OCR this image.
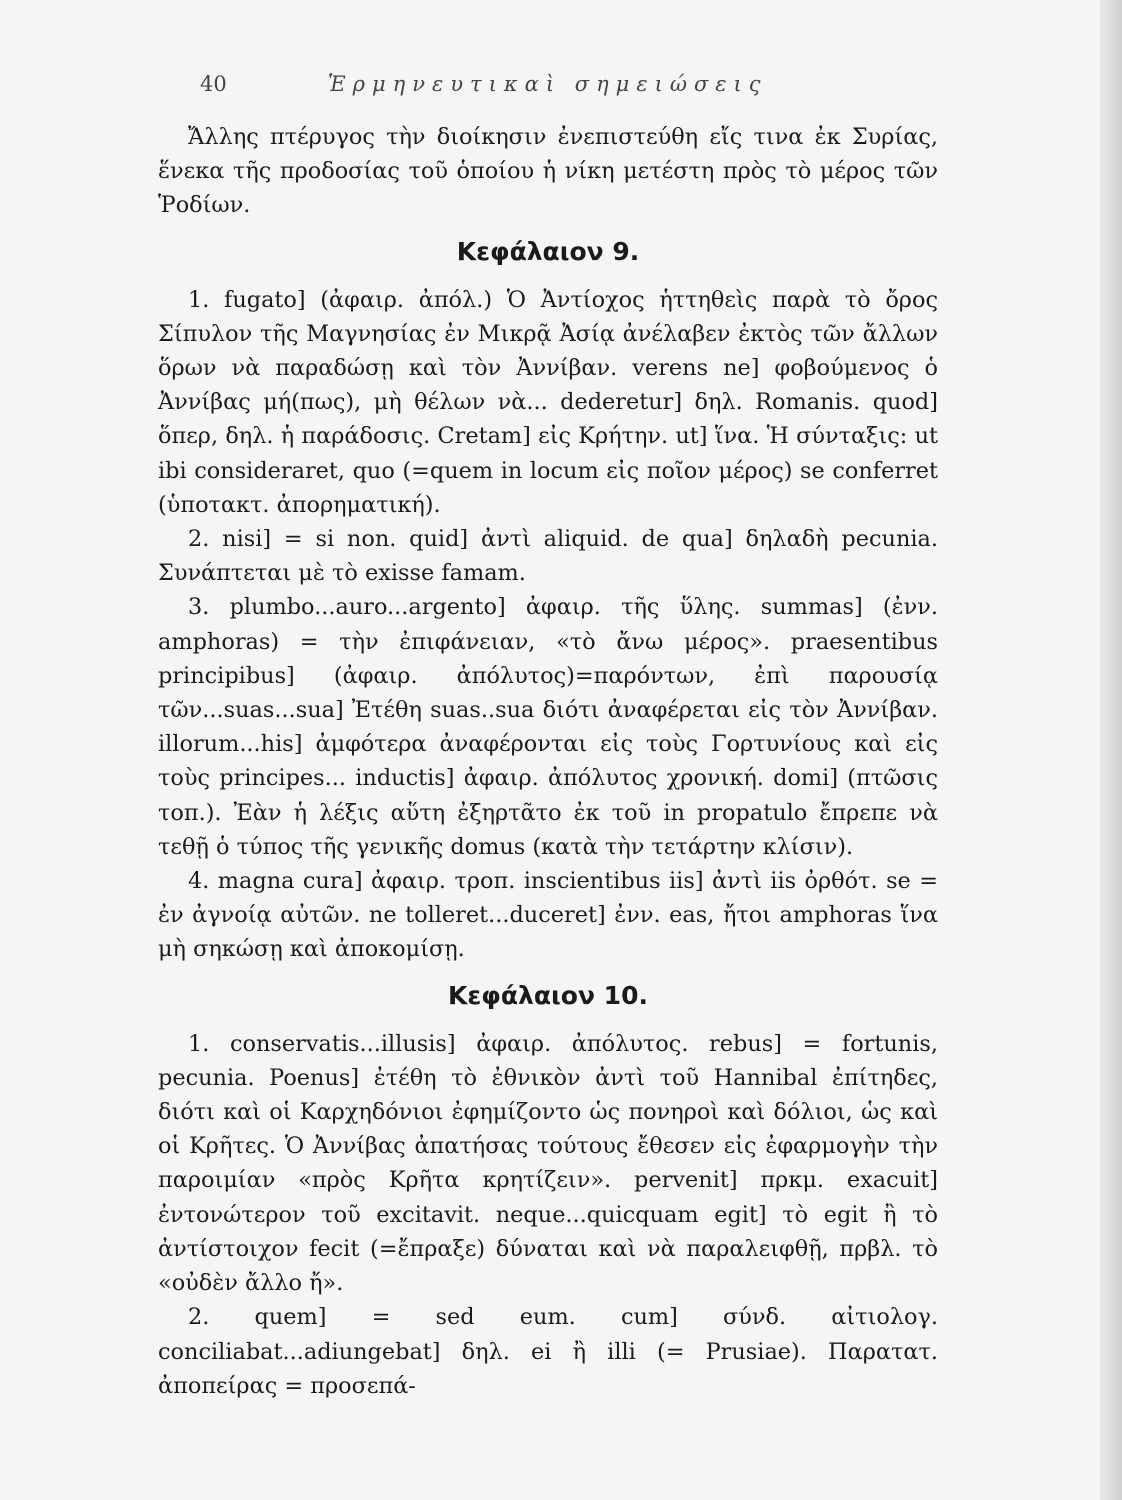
40	Ἑρμηνευτικαὶ σημειώσεις

Ἄλλης πτέρυγος τὴν διοίκησιν ἐνεπιστεύθη εἴς τινα ἐκ Συρίας, ἕνεκα τῆς προδοσίας τοῦ ὁποίου ἡ νίκη μετέστη πρὸς τὸ μέρος τῶν Ῥοδίων.

Κεφάλαιον 9.

1. fugato] (ἀφαιρ. ἀπόλ.) Ὁ Ἀντίοχος ἡττηθεὶς παρὰ τὸ ὄρος Σίπυλον τῆς Μαγνησίας ἐν Μικρᾷ Ἀσίᾳ ἀνέλαβεν ἐκτὸς τῶν ἄλλων ὅρων νὰ παραδώσῃ καὶ τὸν Ἀννίβαν. verens ne] φοβούμενος ὁ Ἀννίβας μή(πως), μὴ θέλων νὰ... dederetur] δηλ. Romanis. quod] ὅπερ, δηλ. ἡ παράδοσις. Cretam] εἰς Κρήτην. ut] ἵνα. Ἡ σύνταξις: ut ibi consideraret, quo (=quem in locum εἰς ποῖον μέρος) se conferret (ὑποτακτ. ἀπορηματική).

2. nisi] = si non. quid] ἀντὶ aliquid. de qua] δηλαδὴ pecunia. Συνάπτεται μὲ τὸ exisse famam.

3. plumbo...auro...argento] ἀφαιρ. τῆς ὕλης. summas] (ἐνν. amphoras) = τὴν ἐπιφάνειαν, «τὸ ἄνω μέρος». praesentibus principibus] (ἀφαιρ. ἀπόλυτος)=παρόντων, ἐπὶ παρουσίᾳ τῶν...suas...sua] Ἐτέθη suas..sua διότι ἀναφέρεται εἰς τὸν Ἀννίβαν. illorum...his] ἀμφότερα ἀναφέρονται εἰς τοὺς Γορτυνίους καὶ εἰς τοὺς principes... inductis] ἀφαιρ. ἀπόλυτος χρονική. domi] (πτῶσις τοπ.). Ἐὰν ἡ λέξις αὕτη ἐξηρτᾶτο ἐκ τοῦ in propatulo ἔπρεπε νὰ τεθῇ ὁ τύπος τῆς γενικῆς domus (κατὰ τὴν τετάρτην κλίσιν).

4. magna cura] ἀφαιρ. τροπ. inscientibus iis] ἀντὶ iis ὀρθότ. se = ἐν ἀγνοίᾳ αὐτῶν. ne tolleret...duceret] ἐνν. eas, ἤτοι amphoras ἵνα μὴ σηκώσῃ καὶ ἀποκομίσῃ.

Κεφάλαιον 10.

1. conservatis...illusis] ἀφαιρ. ἀπόλυτος. rebus] = fortunis, pecunia. Poenus] ἐτέθη τὸ ἐθνικὸν ἀντὶ τοῦ Hannibal ἐπίτηδες, διότι καὶ οἱ Καρχηδόνιοι ἐφημίζοντο ὡς πονηροὶ καὶ δόλιοι, ὡς καὶ οἱ Κρῆτες. Ὁ Ἀννίβας ἀπατήσας τούτους ἔθεσεν εἰς ἐφαρμογὴν τὴν παροιμίαν «πρὸς Κρῆτα κρητίζειν». pervenit] πρκμ. exacuit] ἐντονώτερον τοῦ excitavit. neque...quicquam egit] τὸ egit ἢ τὸ ἀντίστοιχον fecit (=ἔπραξε) δύναται καὶ νὰ παραλειφθῇ, πρβλ. τὸ «οὐδὲν ἄλλο ἤ».

2. quem] = sed eum. cum] σύνδ. αἰτιολογ. conciliabat...adiungebat] δηλ. ei ἢ illi (= Prusiae). Παρατατ. ἀποπείρας = προσεπά-
